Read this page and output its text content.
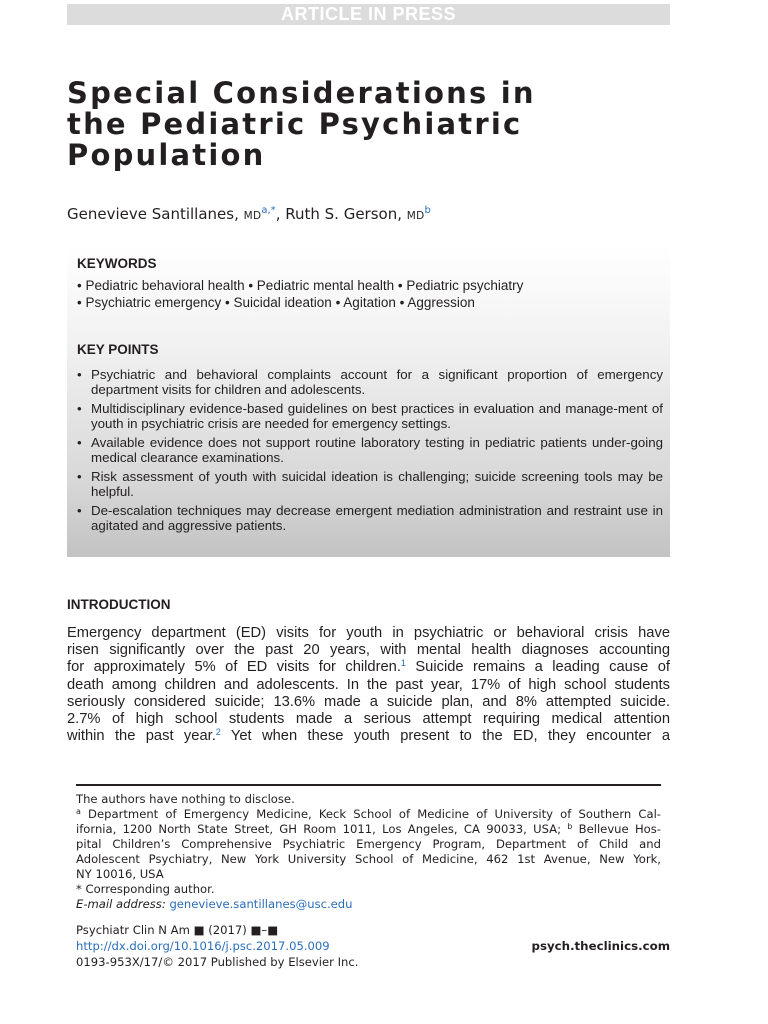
ARTICLE IN PRESS
Special Considerations in
the Pediatric Psychiatric
Population
Genevieve Santillanes, $MD^{a,*}$, Ruth S. Gerson, $MD^b$
KEYWORDS
• Pediatric behavioral health • Pediatric mental health • Pediatric psychiatry
• Psychiatric emergency • Suicidal ideation • Agitation • Aggression
KEY POINTS
• Psychiatric and behavioral complaints account for a significant proportion of emergency department visits for children and adolescents.
• Multidisciplinary evidence-based guidelines on best practices in evaluation and manage-ment of youth in psychiatric crisis are needed for emergency settings.
• Available evidence does not support routine laboratory testing in pediatric patients under-going medical clearance examinations.
• Risk assessment of youth with suicidal ideation is challenging; suicide screening tools may be helpful.
• De-escalation techniques may decrease emergent mediation administration and restraint use in agitated and aggressive patients.
INTRODUCTION

Emergency department (ED) visits for youth in psychiatric or behavioral crisis have
risen significantly over the past 20 years, with mental health diagnoses accounting
for approximately 5% of ED visits for children.$^1$ Suicide remains a leading cause of
death among children and adolescents. In the past year, 17% of high school students
seriously considered suicide; 13.6% made a suicide plan, and 8% attempted suicide.
2.7% of high school students made a serious attempt requiring medical attention
within the past year.$^2$ Yet when these youth present to the ED, they encounter a

The authors have nothing to disclose.
$^a$ Department of Emergency Medicine, Keck School of Medicine of University of Southern Cal-
ifornia, 1200 North State Street, GH Room 1011, Los Angeles, CA 90033, USA; $^b$ Bellevue Hos-
pital Children’s Comprehensive Psychiatric Emergency Program, Department of Child and
Adolescent Psychiatry, New York University School of Medicine, 462 1st Avenue, New York,
NY 10016, USA
* Corresponding author.
E-mail address: genevieve.santillanes@usc.edu
Psychiatr Clin N Am ■ (2017) ■–■
http://dx.doi.org/10.1016/j.psc.2017.05.009
0193-953X/17/© 2017 Published by Elsevier Inc.
psych.theclinics.com
